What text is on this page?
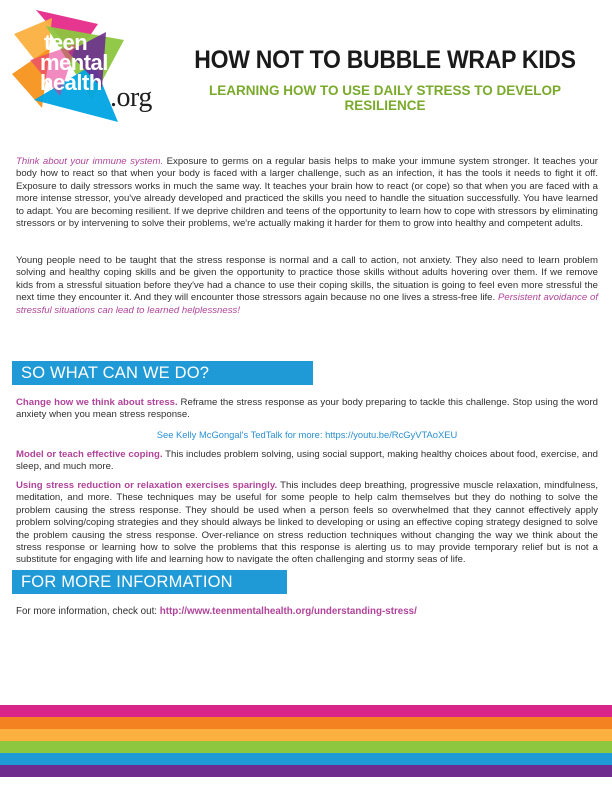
teen
mental
health .org
HOW NOT TO BUBBLE WRAP KIDS
LEARNING HOW TO USE DAILY STRESS TO DEVELOP RESILIENCE

Think about your immune system. Exposure to germs on a regular basis helps to make your immune system stronger. It teaches your body how to react so that when your body is faced with a larger challenge, such as an infection, it has the tools it needs to fight it off. Exposure to daily stressors works in much the same way. It teaches your brain how to react (or cope) so that when you are faced with a more intense stressor, you've already developed and practiced the skills you need to handle the situation successfully. You have learned to adapt. You are becoming resilient. If we deprive children and teens of the opportunity to learn how to cope with stressors by eliminating stressors or by intervening to solve their problems, we're actually making it harder for them to grow into healthy and competent adults.

Young people need to be taught that the stress response is normal and a call to action, not anxiety. They also need to learn problem solving and healthy coping skills and be given the opportunity to practice those skills without adults hovering over them. If we remove kids from a stressful situation before they've had a chance to use their coping skills, the situation is going to feel even more stressful the next time they encounter it. And they will encounter those stressors again because no one lives a stress-free life. Persistent avoidance of stressful situations can lead to learned helplessness!

SO WHAT CAN WE DO?

Change how we think about stress. Reframe the stress response as your body preparing to tackle this challenge. Stop using the word anxiety when you mean stress response.

See Kelly McGongal's TedTalk for more: https://youtu.be/RcGyVTAoXEU

Model or teach effective coping. This includes problem solving, using social support, making healthy choices about food, exercise, and sleep, and much more.

Using stress reduction or relaxation exercises sparingly. This includes deep breathing, progressive muscle relaxation, mindfulness, meditation, and more. These techniques may be useful for some people to help calm themselves but they do nothing to solve the problem causing the stress response. They should be used when a person feels so overwhelmed that they cannot effectively apply problem solving/coping strategies and they should always be linked to developing or using an effective coping strategy designed to solve the problem causing the stress response. Over-reliance on stress reduction techniques without changing the way we think about the stress response or learning how to solve the problems that this response is alerting us to may provide temporary relief but is not a substitute for engaging with life and learning how to navigate the often challenging and stormy seas of life.

FOR MORE INFORMATION
For more information, check out: http://www.teenmentalhealth.org/understanding-stress/
